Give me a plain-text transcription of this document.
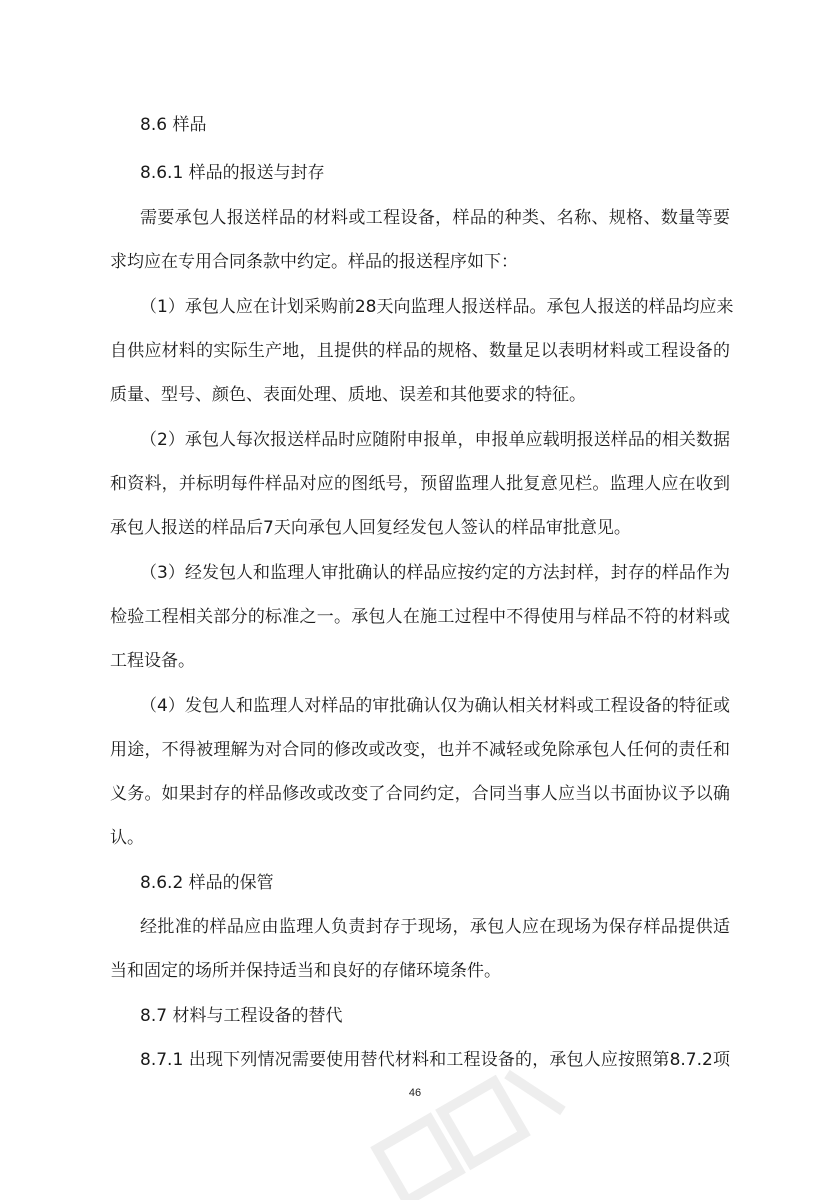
8.6 样品
8.6.1 样品的报送与封存
需要承包人报送样品的材料或工程设备，样品的种类、名称、规格、数量等要
求均应在专用合同条款中约定。样品的报送程序如下：
（1）承包人应在计划采购前28天向监理人报送样品。承包人报送的样品均应来
自供应材料的实际生产地，且提供的样品的规格、数量足以表明材料或工程设备的
质量、型号、颜色、表面处理、质地、误差和其他要求的特征。
（2）承包人每次报送样品时应随附申报单，申报单应载明报送样品的相关数据
和资料，并标明每件样品对应的图纸号，预留监理人批复意见栏。监理人应在收到
承包人报送的样品后7天向承包人回复经发包人签认的样品审批意见。
（3）经发包人和监理人审批确认的样品应按约定的方法封样，封存的样品作为
检验工程相关部分的标准之一。承包人在施工过程中不得使用与样品不符的材料或
工程设备。
（4）发包人和监理人对样品的审批确认仅为确认相关材料或工程设备的特征或
用途，不得被理解为对合同的修改或改变，也并不减轻或免除承包人任何的责任和
义务。如果封存的样品修改或改变了合同约定，合同当事人应当以书面协议予以确
认。
8.6.2 样品的保管
经批准的样品应由监理人负责封存于现场，承包人应在现场为保存样品提供适
当和固定的场所并保持适当和良好的存储环境条件。
8.7 材料与工程设备的替代
8.7.1 出现下列情况需要使用替代材料和工程设备的，承包人应按照第8.7.2项
46
